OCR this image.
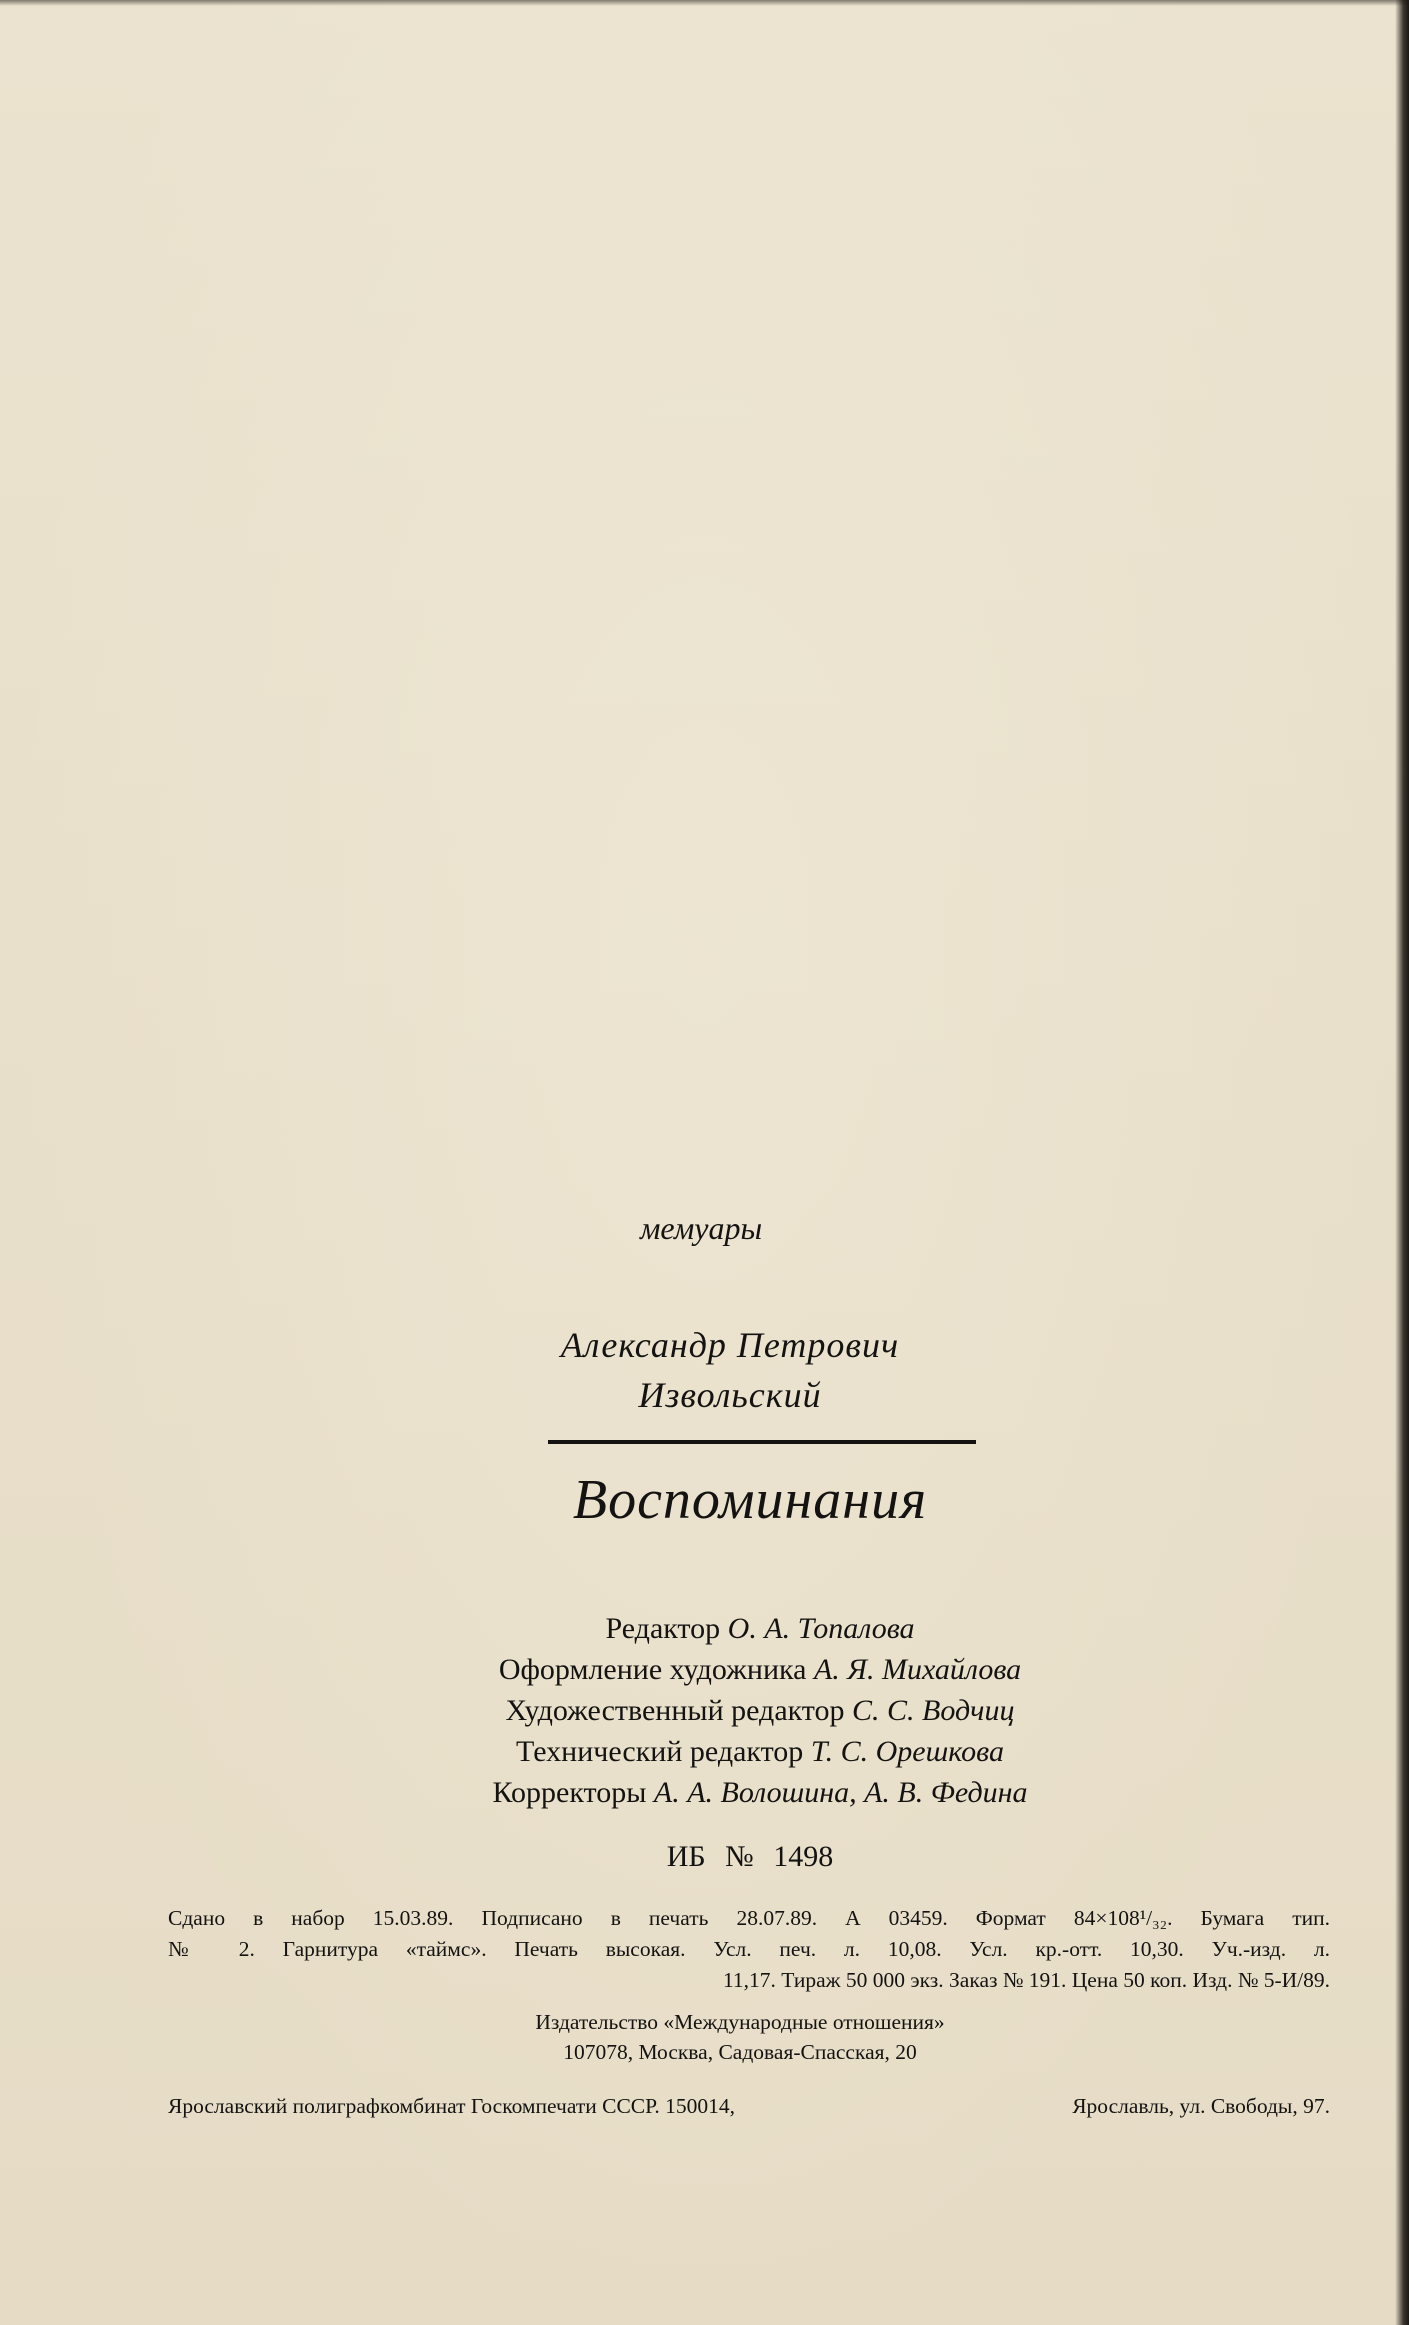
мемуары
Александр Петрович
Извольский
Воспоминания
Редактор О. А. Топалова
Оформление художника А. Я. Михайлова
Художественный редактор С. С. Водчиц
Технический редактор Т. С. Орешкова
Корректоры А. А. Волошина, А. В. Федина
ИБ № 1498
Сдано в набор 15.03.89. Подписано в печать 28.07.89. А 03459. Формат 84×108¹/₃₂. Бумага тип.
№ 2. Гарнитура «таймс». Печать высокая. Усл. печ. л. 10,08. Усл. кр.-отт. 10,30. Уч.-изд. л.
11,17. Тираж 50 000 экз. Заказ № 191. Цена 50 коп. Изд. № 5-И/89.
Издательство «Международные отношения»
107078, Москва, Садовая-Спасская, 20
Ярославский полиграфкомбинат Госкомпечати СССР. 150014,	Ярославль, ул. Свободы, 97.
